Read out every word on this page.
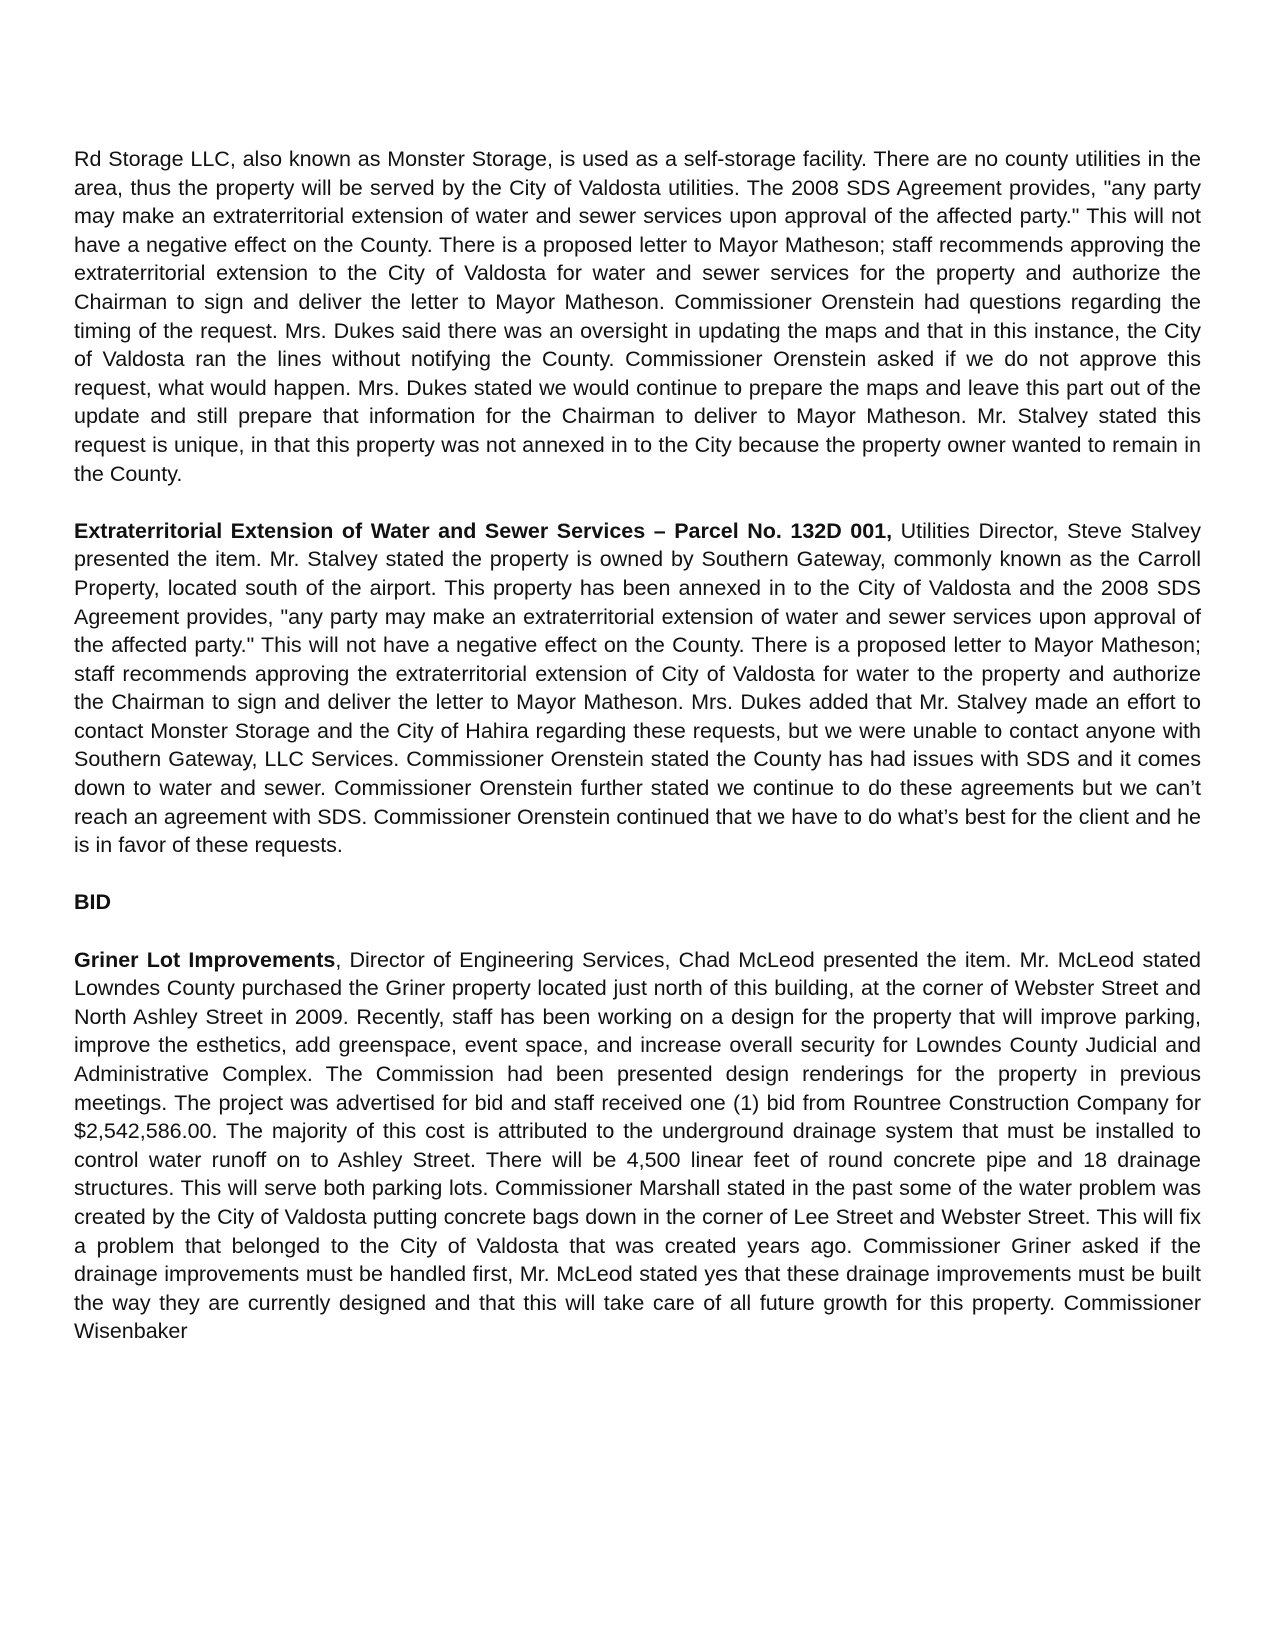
Rd Storage LLC, also known as Monster Storage, is used as a self-storage facility. There are no county utilities in the area, thus the property will be served by the City of Valdosta utilities. The 2008 SDS Agreement provides, "any party may make an extraterritorial extension of water and sewer services upon approval of the affected party." This will not have a negative effect on the County. There is a proposed letter to Mayor Matheson; staff recommends approving the extraterritorial extension to the City of Valdosta for water and sewer services for the property and authorize the Chairman to sign and deliver the letter to Mayor Matheson. Commissioner Orenstein had questions regarding the timing of the request. Mrs. Dukes said there was an oversight in updating the maps and that in this instance, the City of Valdosta ran the lines without notifying the County. Commissioner Orenstein asked if we do not approve this request, what would happen. Mrs. Dukes stated we would continue to prepare the maps and leave this part out of the update and still prepare that information for the Chairman to deliver to Mayor Matheson. Mr. Stalvey stated this request is unique, in that this property was not annexed in to the City because the property owner wanted to remain in the County.

Extraterritorial Extension of Water and Sewer Services – Parcel No. 132D 001, Utilities Director, Steve Stalvey presented the item. Mr. Stalvey stated the property is owned by Southern Gateway, commonly known as the Carroll Property, located south of the airport. This property has been annexed in to the City of Valdosta and the 2008 SDS Agreement provides, "any party may make an extraterritorial extension of water and sewer services upon approval of the affected party." This will not have a negative effect on the County. There is a proposed letter to Mayor Matheson; staff recommends approving the extraterritorial extension of City of Valdosta for water to the property and authorize the Chairman to sign and deliver the letter to Mayor Matheson. Mrs. Dukes added that Mr. Stalvey made an effort to contact Monster Storage and the City of Hahira regarding these requests, but we were unable to contact anyone with Southern Gateway, LLC Services. Commissioner Orenstein stated the County has had issues with SDS and it comes down to water and sewer. Commissioner Orenstein further stated we continue to do these agreements but we can’t reach an agreement with SDS. Commissioner Orenstein continued that we have to do what’s best for the client and he is in favor of these requests.

BID

Griner Lot Improvements, Director of Engineering Services, Chad McLeod presented the item. Mr. McLeod stated Lowndes County purchased the Griner property located just north of this building, at the corner of Webster Street and North Ashley Street in 2009. Recently, staff has been working on a design for the property that will improve parking, improve the esthetics, add greenspace, event space, and increase overall security for Lowndes County Judicial and Administrative Complex. The Commission had been presented design renderings for the property in previous meetings. The project was advertised for bid and staff received one (1) bid from Rountree Construction Company for $2,542,586.00. The majority of this cost is attributed to the underground drainage system that must be installed to control water runoff on to Ashley Street. There will be 4,500 linear feet of round concrete pipe and 18 drainage structures. This will serve both parking lots. Commissioner Marshall stated in the past some of the water problem was created by the City of Valdosta putting concrete bags down in the corner of Lee Street and Webster Street. This will fix a problem that belonged to the City of Valdosta that was created years ago. Commissioner Griner asked if the drainage improvements must be handled first, Mr. McLeod stated yes that these drainage improvements must be built the way they are currently designed and that this will take care of all future growth for this property. Commissioner Wisenbaker
